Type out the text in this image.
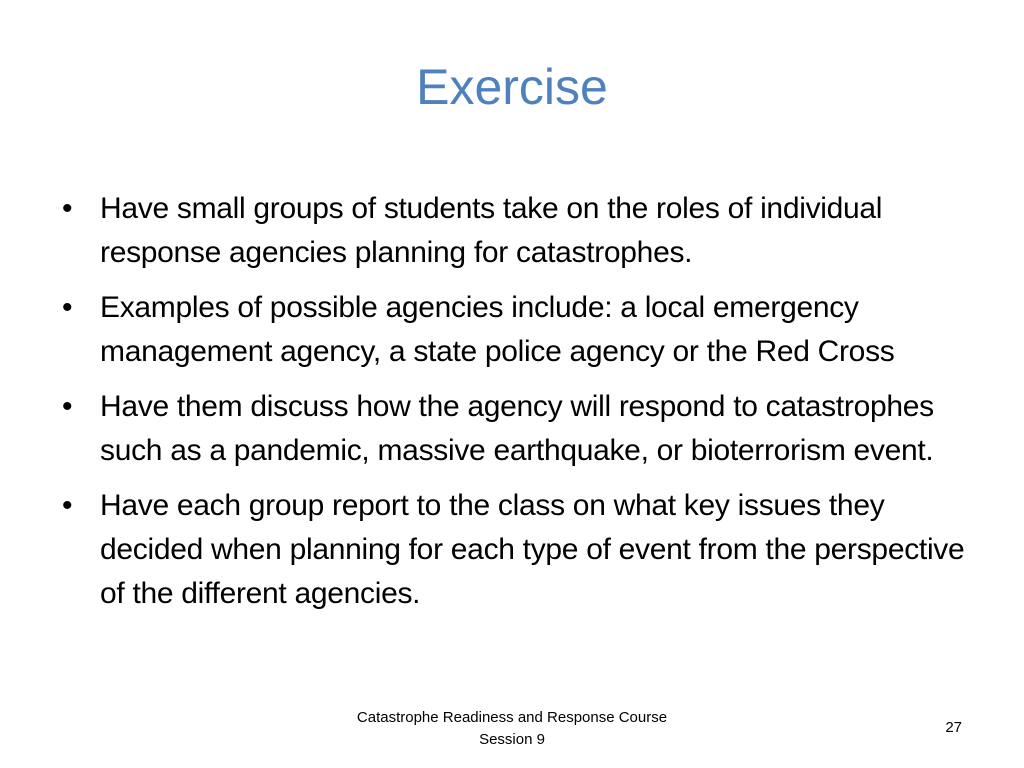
Exercise
• Have small groups of students take on the roles of individual response agencies planning for catastrophes.
• Examples of possible agencies include: a local emergency management agency, a state police agency or the Red Cross
• Have them discuss how the agency will respond to catastrophes such as a pandemic, massive earthquake, or bioterrorism event.
• Have each group report to the class on what key issues they decided when planning for each type of event from the perspective of the different agencies.
Catastrophe Readiness and Response Course
Session 9
27
